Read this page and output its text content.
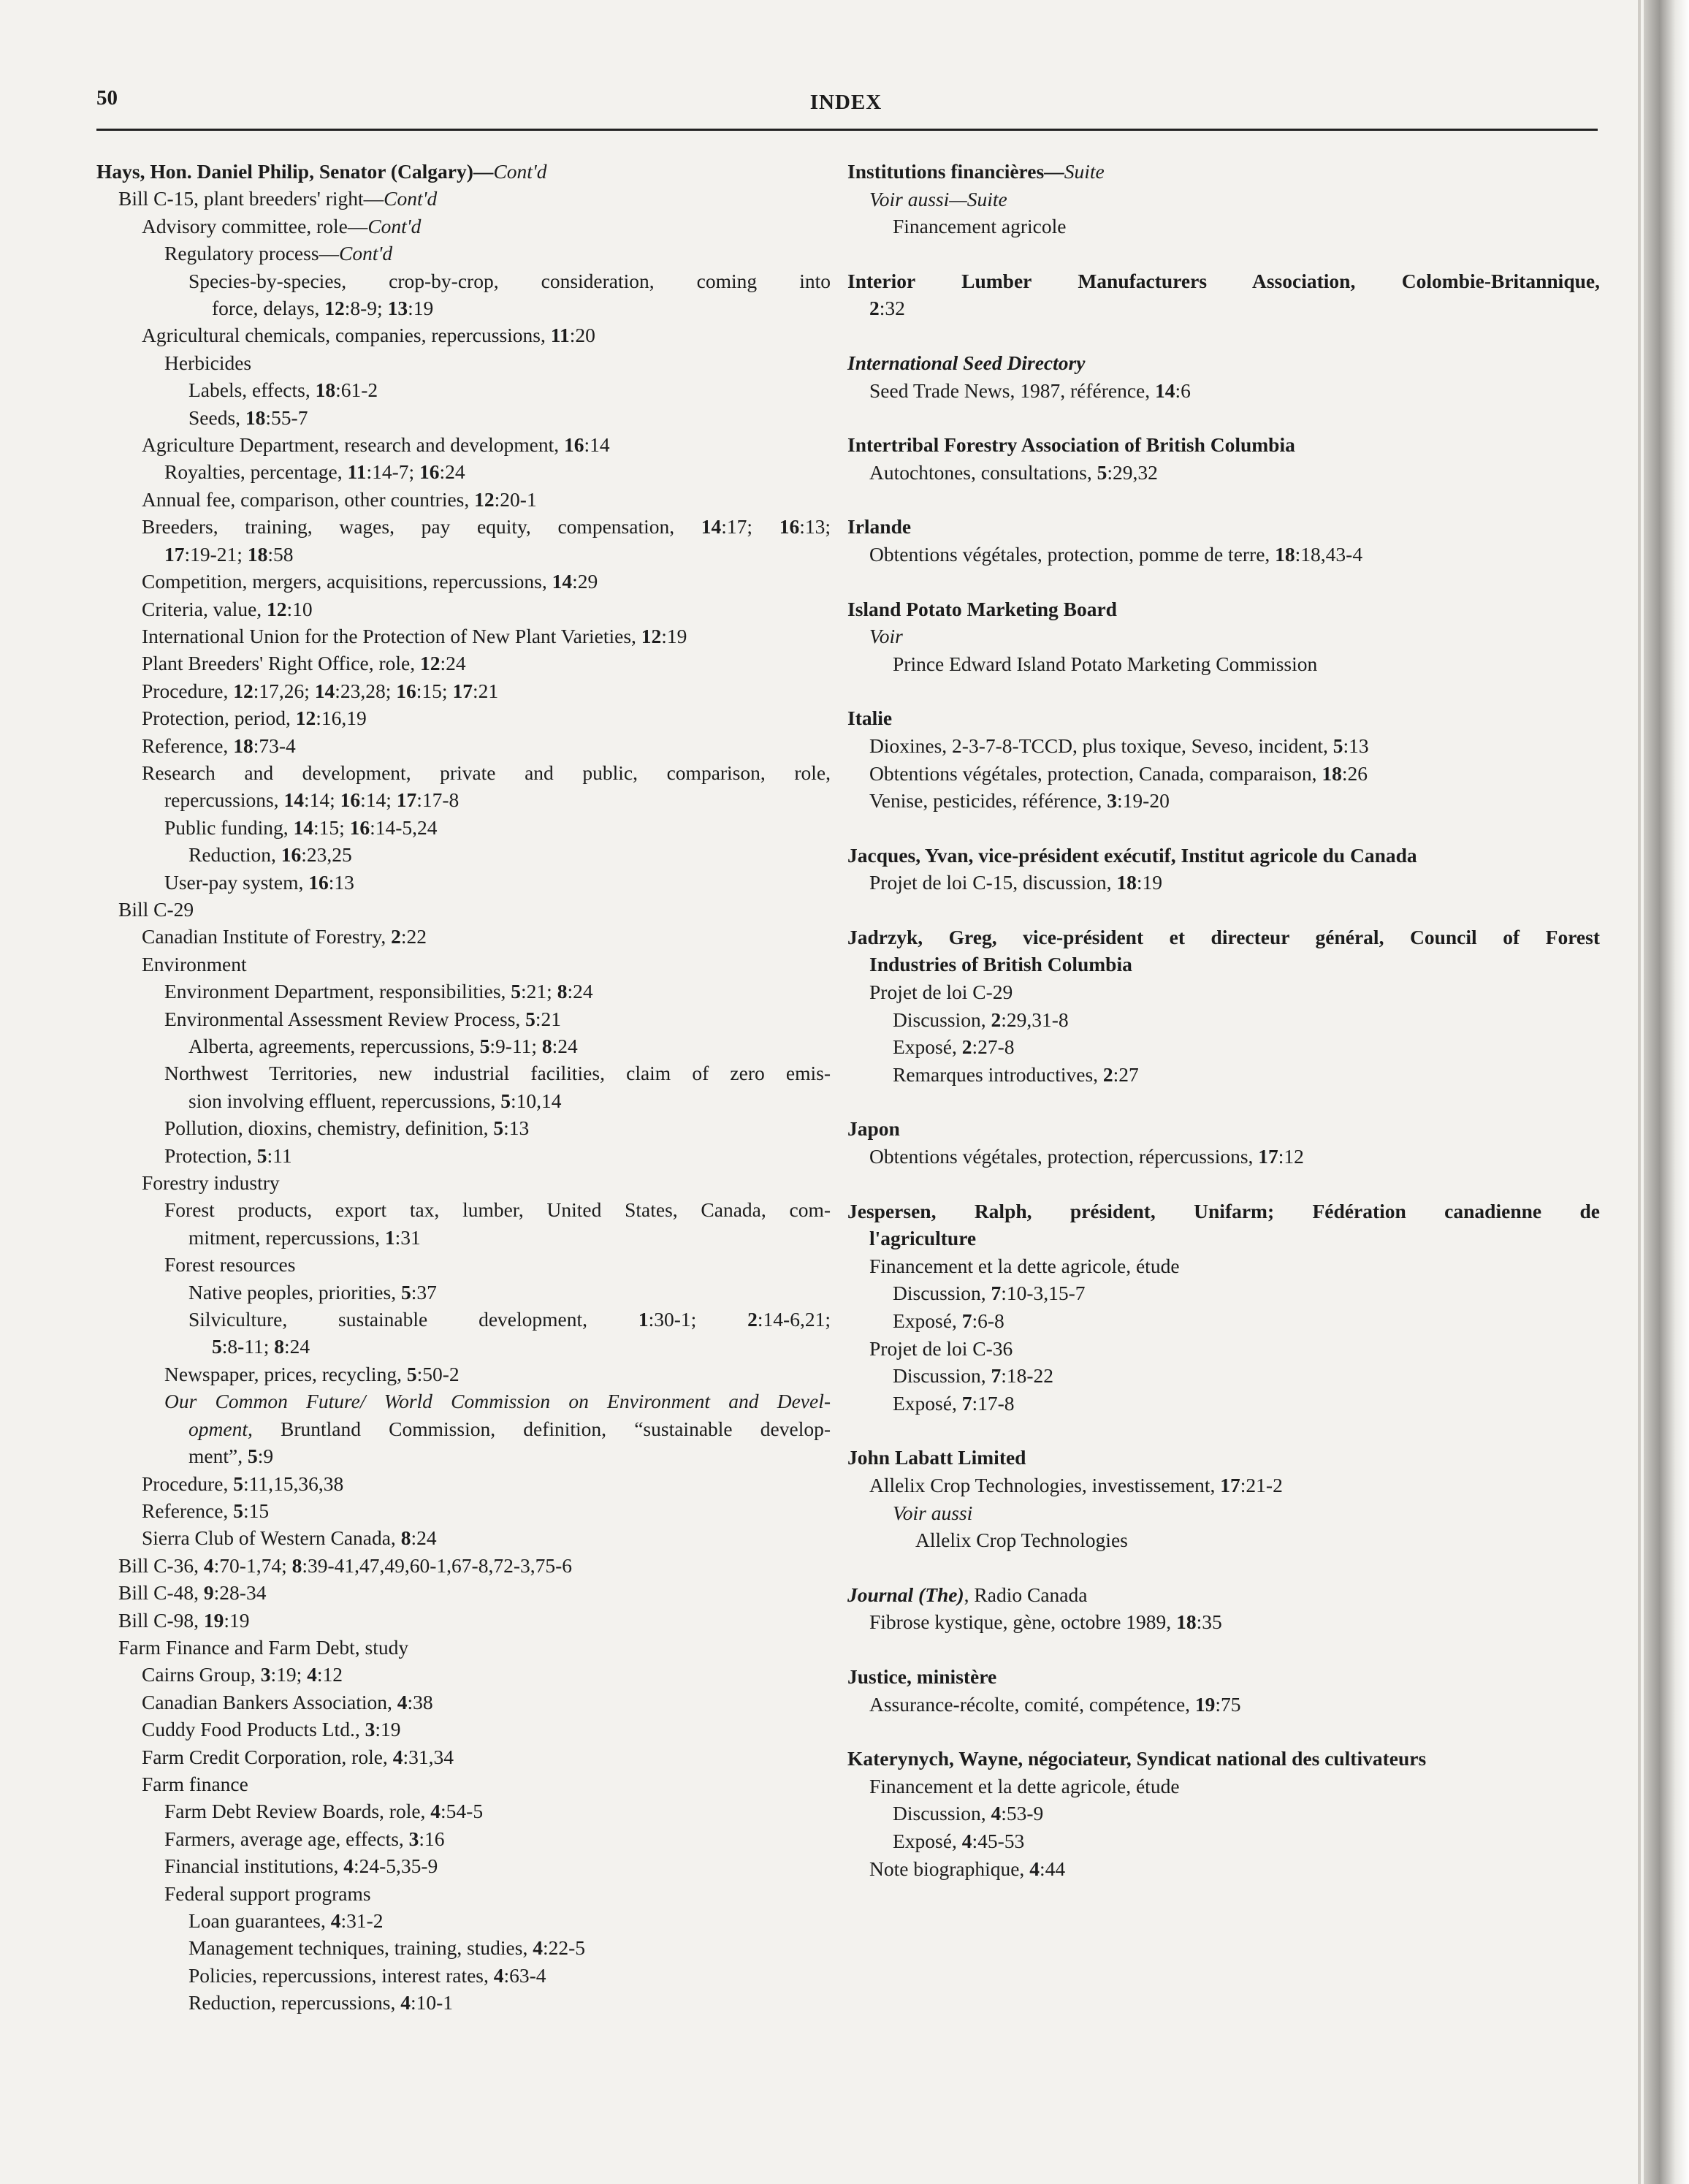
50	INDEX
Hays, Hon. Daniel Philip, Senator (Calgary)—Cont'd
Bill C-15, plant breeders' right—Cont'd
Advisory committee, role—Cont'd
Regulatory process—Cont'd
Species-by-species, crop-by-crop, consideration, coming into
force, delays, 12:8-9; 13:19
Agricultural chemicals, companies, repercussions, 11:20
Herbicides
Labels, effects, 18:61-2
Seeds, 18:55-7
Agriculture Department, research and development, 16:14
Royalties, percentage, 11:14-7; 16:24
Annual fee, comparison, other countries, 12:20-1
Breeders, training, wages, pay equity, compensation, 14:17; 16:13;
17:19-21; 18:58
Competition, mergers, acquisitions, repercussions, 14:29
Criteria, value, 12:10
International Union for the Protection of New Plant Varieties, 12:19
Plant Breeders' Right Office, role, 12:24
Procedure, 12:17,26; 14:23,28; 16:15; 17:21
Protection, period, 12:16,19
Reference, 18:73-4
Research and development, private and public, comparison, role,
repercussions, 14:14; 16:14; 17:17-8
Public funding, 14:15; 16:14-5,24
Reduction, 16:23,25
User-pay system, 16:13
Bill C-29
Canadian Institute of Forestry, 2:22
Environment
Environment Department, responsibilities, 5:21; 8:24
Environmental Assessment Review Process, 5:21
Alberta, agreements, repercussions, 5:9-11; 8:24
Northwest Territories, new industrial facilities, claim of zero emis-
sion involving effluent, repercussions, 5:10,14
Pollution, dioxins, chemistry, definition, 5:13
Protection, 5:11
Forestry industry
Forest products, export tax, lumber, United States, Canada, com-
mitment, repercussions, 1:31
Forest resources
Native peoples, priorities, 5:37
Silviculture, sustainable development, 1:30-1; 2:14-6,21;
5:8-11; 8:24
Newspaper, prices, recycling, 5:50-2
Our Common Future/ World Commission on Environment and Devel-
opment, Bruntland Commission, definition, “sustainable develop-
ment”, 5:9
Procedure, 5:11,15,36,38
Reference, 5:15
Sierra Club of Western Canada, 8:24
Bill C-36, 4:70-1,74; 8:39-41,47,49,60-1,67-8,72-3,75-6
Bill C-48, 9:28-34
Bill C-98, 19:19
Farm Finance and Farm Debt, study
Cairns Group, 3:19; 4:12
Canadian Bankers Association, 4:38
Cuddy Food Products Ltd., 3:19
Farm Credit Corporation, role, 4:31,34
Farm finance
Farm Debt Review Boards, role, 4:54-5
Farmers, average age, effects, 3:16
Financial institutions, 4:24-5,35-9
Federal support programs
Loan guarantees, 4:31-2
Management techniques, training, studies, 4:22-5
Policies, repercussions, interest rates, 4:63-4
Reduction, repercussions, 4:10-1
Institutions financières—Suite
Voir aussi—Suite
Financement agricole
Interior Lumber Manufacturers Association, Colombie-Britannique,
2:32
International Seed Directory
Seed Trade News, 1987, référence, 14:6
Intertribal Forestry Association of British Columbia
Autochtones, consultations, 5:29,32
Irlande
Obtentions végétales, protection, pomme de terre, 18:18,43-4
Island Potato Marketing Board
Voir
Prince Edward Island Potato Marketing Commission
Italie
Dioxines, 2-3-7-8-TCCD, plus toxique, Seveso, incident, 5:13
Obtentions végétales, protection, Canada, comparaison, 18:26
Venise, pesticides, référence, 3:19-20
Jacques, Yvan, vice-président exécutif, Institut agricole du Canada
Projet de loi C-15, discussion, 18:19
Jadrzyk, Greg, vice-président et directeur général, Council of Forest
Industries of British Columbia
Projet de loi C-29
Discussion, 2:29,31-8
Exposé, 2:27-8
Remarques introductives, 2:27
Japon
Obtentions végétales, protection, répercussions, 17:12
Jespersen, Ralph, président, Unifarm; Fédération canadienne de
l'agriculture
Financement et la dette agricole, étude
Discussion, 7:10-3,15-7
Exposé, 7:6-8
Projet de loi C-36
Discussion, 7:18-22
Exposé, 7:17-8
John Labatt Limited
Allelix Crop Technologies, investissement, 17:21-2
Voir aussi
Allelix Crop Technologies
Journal (The), Radio Canada
Fibrose kystique, gène, octobre 1989, 18:35
Justice, ministère
Assurance-récolte, comité, compétence, 19:75
Katerynych, Wayne, négociateur, Syndicat national des cultivateurs
Financement et la dette agricole, étude
Discussion, 4:53-9
Exposé, 4:45-53
Note biographique, 4:44
